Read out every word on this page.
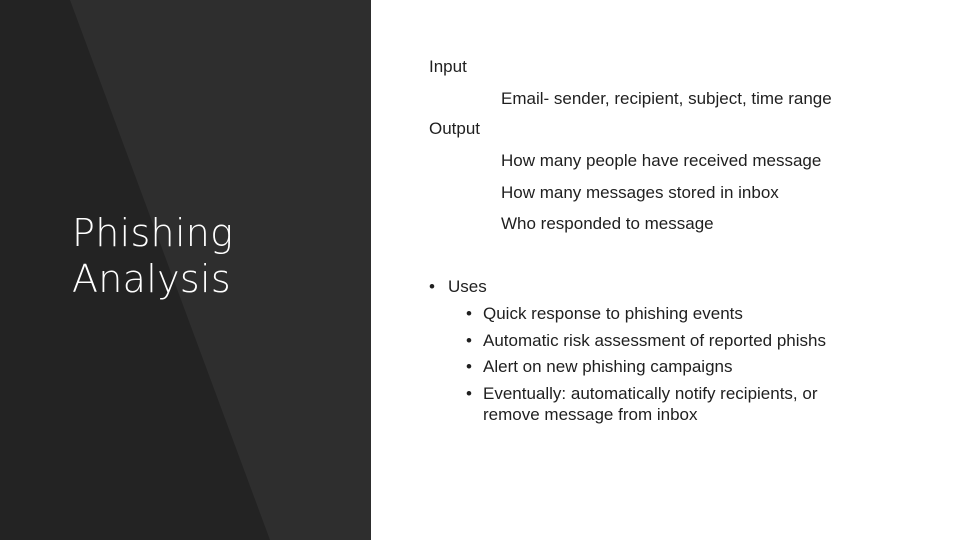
Phishing
Analysis
Input
Email- sender, recipient, subject, time range
Output
How many people have received message
How many messages stored in inbox
Who responded to message
• Uses
• Quick response to phishing events
• Automatic risk assessment of reported phishs
• Alert on new phishing campaigns
• Eventually: automatically notify recipients, or
remove message from inbox
